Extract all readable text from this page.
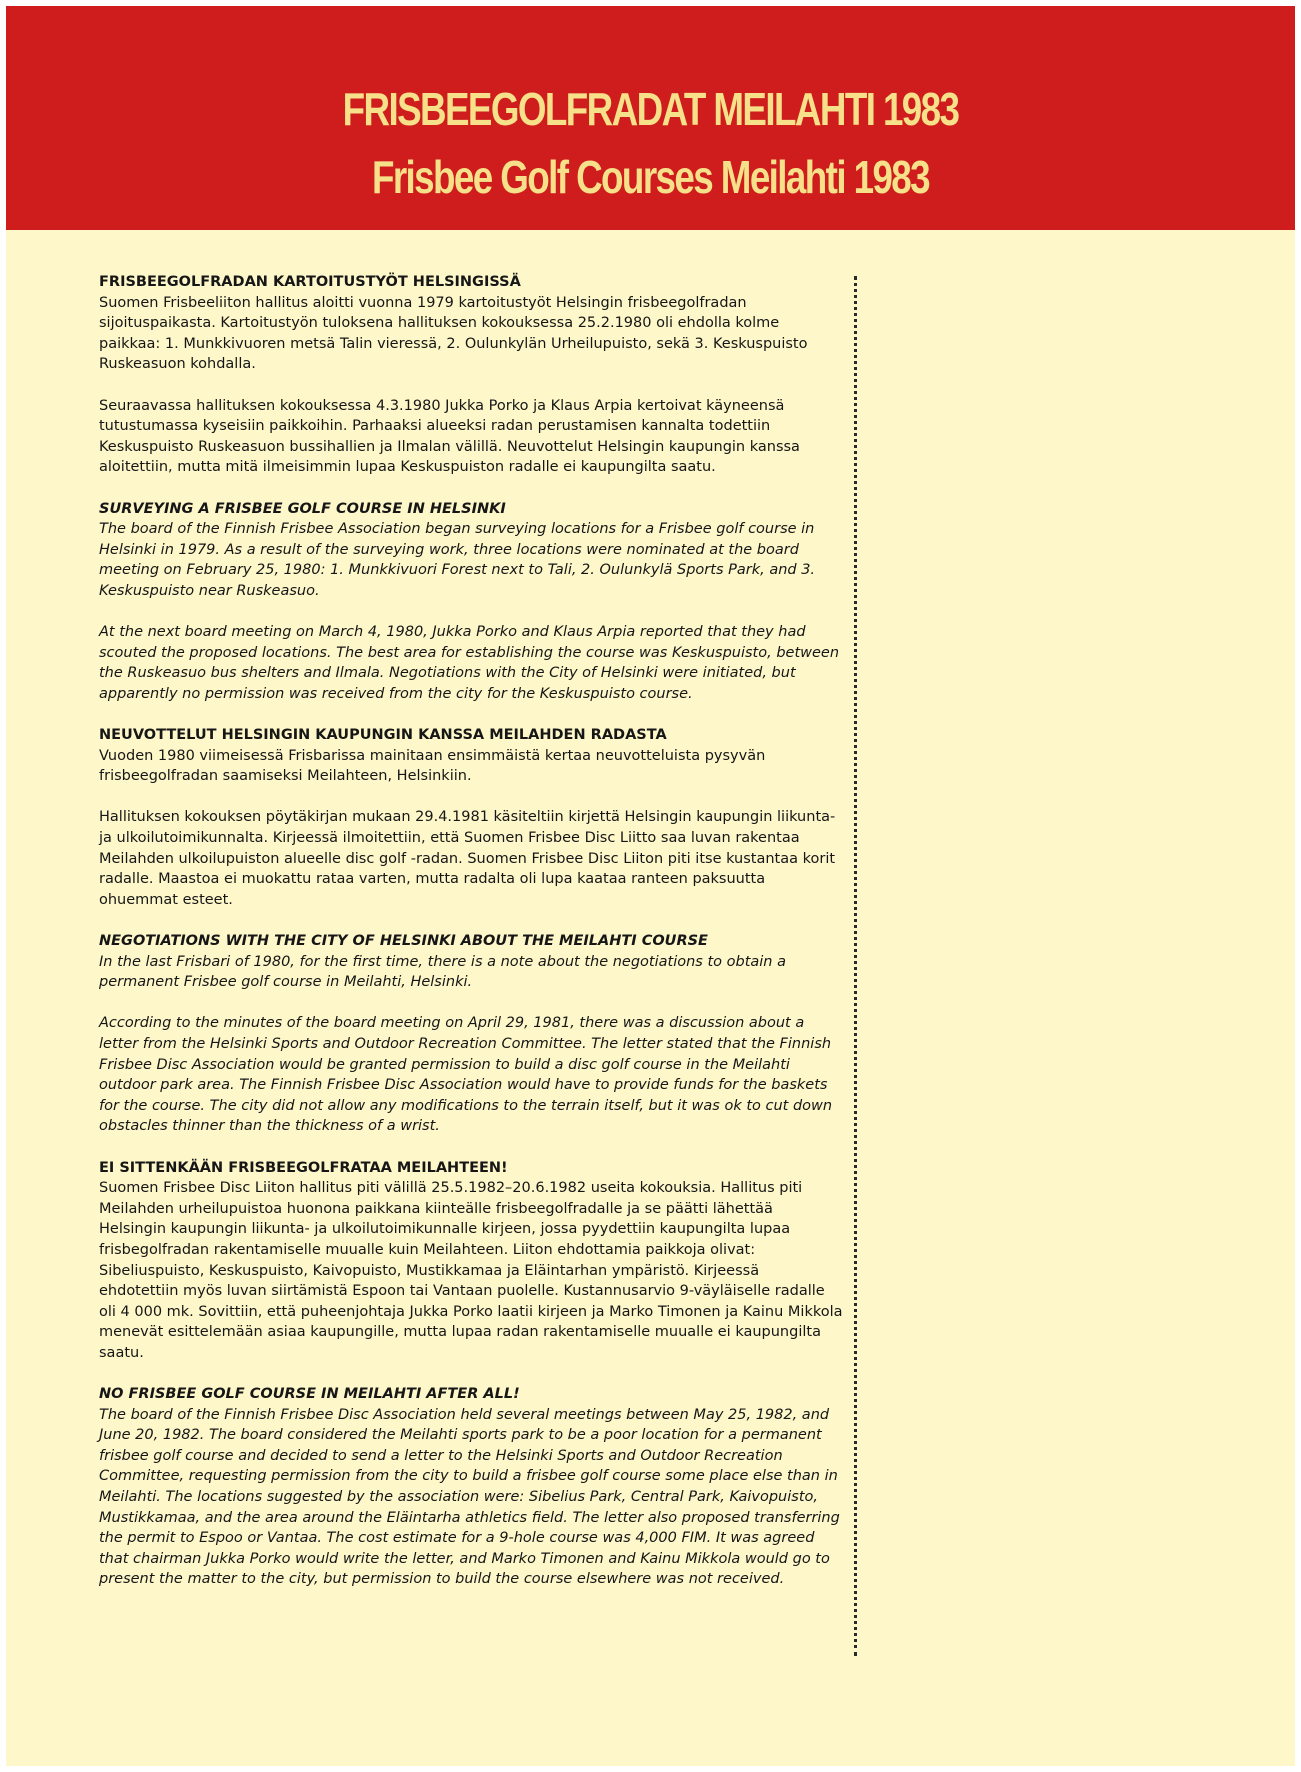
FRISBEEGOLFRADAT MEILAHTI 1983
Frisbee Golf Courses Meilahti 1983
FRISBEEGOLFRADAN KARTOITUSTYÖT HELSINGISSÄ

Suomen Frisbeeliiton hallitus aloitti vuonna 1979 kartoitustyöt Helsingin frisbeegolfradan sijoituspaikasta. Kartoitustyön tuloksena hallituksen kokouksessa 25.2.1980 oli ehdolla kolme paikkaa: 1. Munkkivuoren metsä Talin vieressä, 2. Oulunkylän Urheilupuisto, sekä 3. Keskuspuisto Ruskeasuon kohdalla.

Seuraavassa hallituksen kokouksessa 4.3.1980 Jukka Porko ja Klaus Arpia kertoivat käyneensä tutustumassa kyseisiin paikkoihin. Parhaaksi alueeksi radan perustamisen kannalta todettiin Keskuspuisto Ruskeasuon bussihallien ja Ilmalan välillä. Neuvottelut Helsingin kaupungin kanssa aloitettiin, mutta mitä ilmeisimmin lupaa Keskuspuiston radalle ei kaupungilta saatu.

SURVEYING A FRISBEE GOLF COURSE IN HELSINKI

The board of the Finnish Frisbee Association began surveying locations for a Frisbee golf course in Helsinki in 1979. As a result of the surveying work, three locations were nominated at the board meeting on February 25, 1980: 1. Munkkivuori Forest next to Tali, 2. Oulunkylä Sports Park, and 3. Keskuspuisto near Ruskeasuo.

At the next board meeting on March 4, 1980, Jukka Porko and Klaus Arpia reported that they had scouted the proposed locations. The best area for establishing the course was Keskuspuisto, between the Ruskeasuo bus shelters and Ilmala. Negotiations with the City of Helsinki were initiated, but apparently no permission was received from the city for the Keskuspuisto course.

NEUVOTTELUT HELSINGIN KAUPUNGIN KANSSA MEILAHDEN RADASTA

Vuoden 1980 viimeisessä Frisbarissa mainitaan ensimmäistä kertaa neuvotteluista pysyvän frisbeegolfradan saamiseksi Meilahteen, Helsinkiin.

Hallituksen kokouksen pöytäkirjan mukaan 29.4.1981 käsiteltiin kirjettä Helsingin kaupungin liikunta- ja ulkoilutoimikunnalta. Kirjeessä ilmoitettiin, että Suomen Frisbee Disc Liitto saa luvan rakentaa Meilahden ulkoilupuiston alueelle disc golf -radan. Suomen Frisbee Disc Liiton piti itse kustantaa korit radalle. Maastoa ei muokattu rataa varten, mutta radalta oli lupa kaataa ranteen paksuutta ohuemmat esteet.

NEGOTIATIONS WITH THE CITY OF HELSINKI ABOUT THE MEILAHTI COURSE

In the last Frisbari of 1980, for the first time, there is a note about the negotiations to obtain a permanent Frisbee golf course in Meilahti, Helsinki.

According to the minutes of the board meeting on April 29, 1981, there was a discussion about a letter from the Helsinki Sports and Outdoor Recreation Committee. The letter stated that the Finnish Frisbee Disc Association would be granted permission to build a disc golf course in the Meilahti outdoor park area. The Finnish Frisbee Disc Association would have to provide funds for the baskets for the course. The city did not allow any modifications to the terrain itself, but it was ok to cut down obstacles thinner than the thickness of a wrist.

EI SITTENKÄÄN FRISBEEGOLFRATAA MEILAHTEEN!

Suomen Frisbee Disc Liiton hallitus piti välillä 25.5.1982–20.6.1982 useita kokouksia. Hallitus piti Meilahden urheilupuistoa huonona paikkana kiinteälle frisbeegolfradalle ja se päätti lähettää Helsingin kaupungin liikunta- ja ulkoilutoimikunnalle kirjeen, jossa pyydettiin kaupungilta lupaa frisbegolfradan rakentamiselle muualle kuin Meilahteen. Liiton ehdottamia paikkoja olivat: Sibeliuspuisto, Keskuspuisto, Kaivopuisto, Mustikkamaa ja Eläintarhan ympäristö. Kirjeessä ehdotettiin myös luvan siirtämistä Espoon tai Vantaan puolelle. Kustannusarvio 9-väyläiselle radalle oli 4 000 mk. Sovittiin, että puheenjohtaja Jukka Porko laatii kirjeen ja Marko Timonen ja Kainu Mikkola menevät esittelemään asiaa kaupungille, mutta lupaa radan rakentamiselle muualle ei kaupungilta saatu.

NO FRISBEE GOLF COURSE IN MEILAHTI AFTER ALL!

The board of the Finnish Frisbee Disc Association held several meetings between May 25, 1982, and June 20, 1982. The board considered the Meilahti sports park to be a poor location for a permanent frisbee golf course and decided to send a letter to the Helsinki Sports and Outdoor Recreation Committee, requesting permission from the city to build a frisbee golf course some place else than in Meilahti. The locations suggested by the association were: Sibelius Park, Central Park, Kaivopuisto, Mustikkamaa, and the area around the Eläintarha athletics field. The letter also proposed transferring the permit to Espoo or Vantaa. The cost estimate for a 9-hole course was 4,000 FIM. It was agreed that chairman Jukka Porko would write the letter, and Marko Timonen and Kainu Mikkola would go to present the matter to the city, but permission to build the course elsewhere was not received.
